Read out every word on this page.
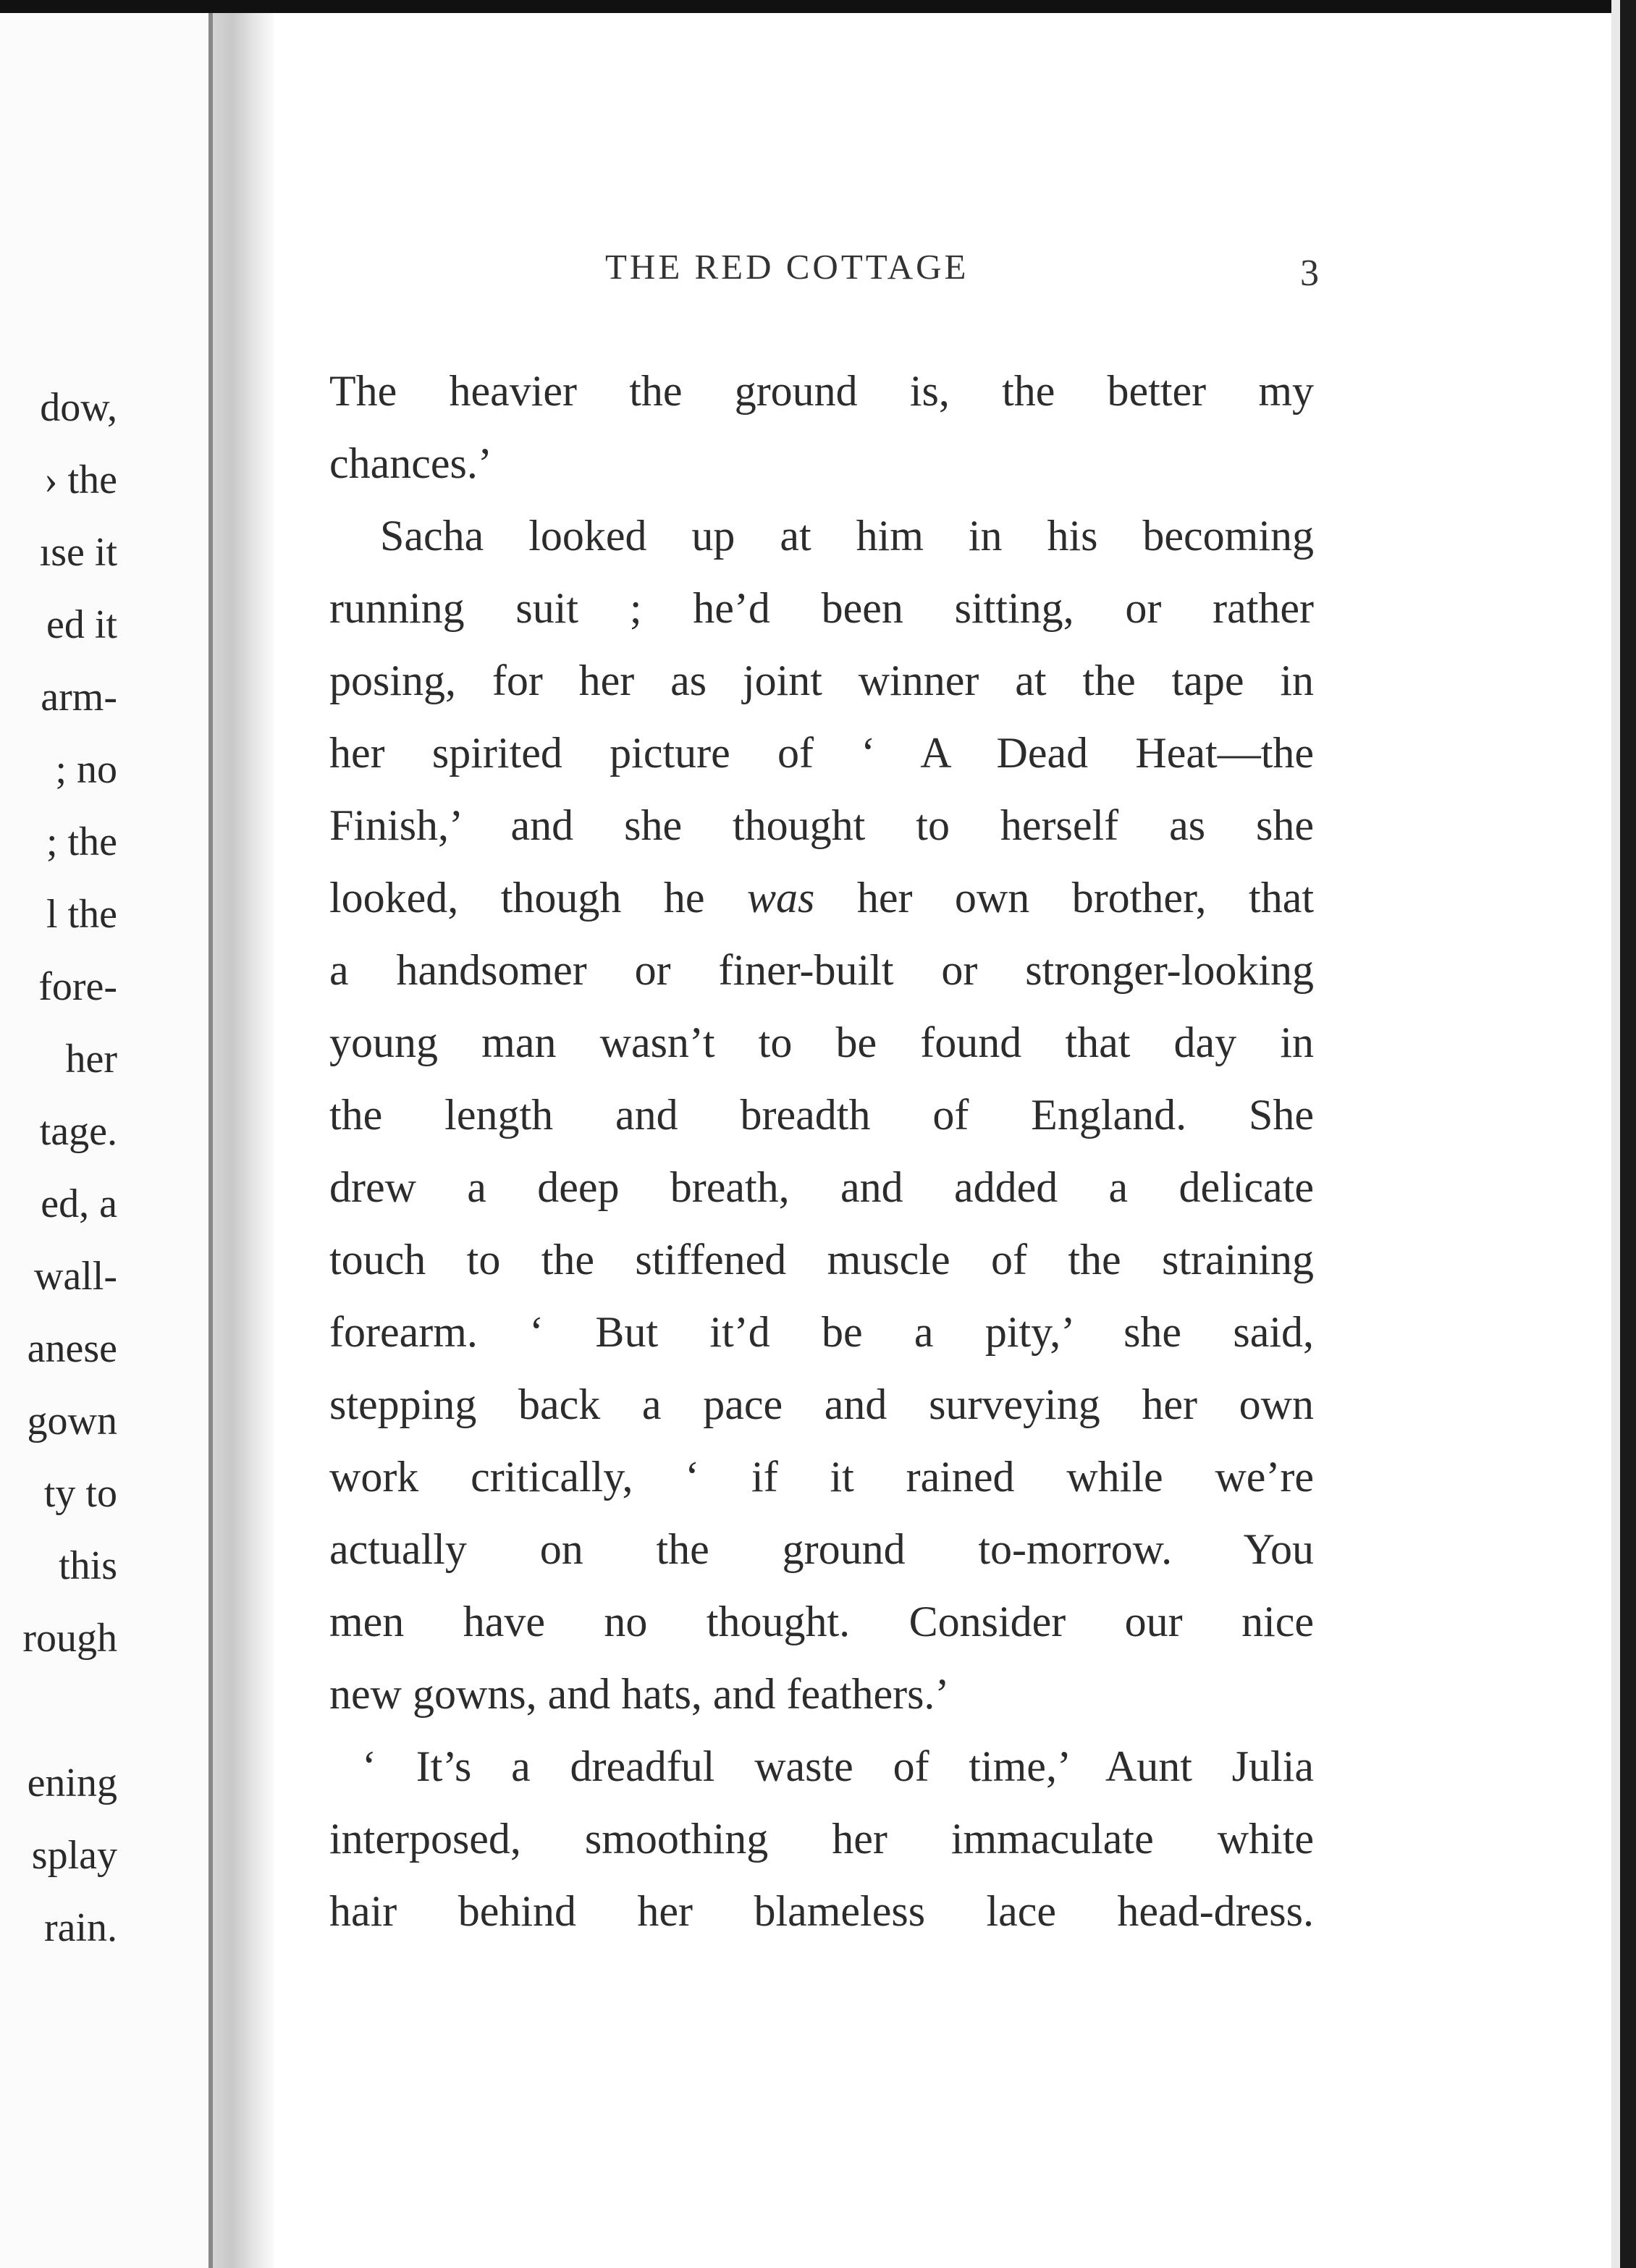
dow,
› the
ıse it
ed it
arm-
; no
; the
l the
fore-
her
tage.
ed, a
wall-
anese
gown
ty to
this
rough
ening
splay
rain.
THE RED COTTAGE	3
The heavier the ground is, the better my
chances.’
Sacha looked up at him in his becoming
running suit ; he’d been sitting, or rather
posing, for her as joint winner at the tape in
her spirited picture of ‘ A Dead Heat—the
Finish,’ and she thought to herself as she
looked, though he was her own brother, that
a handsomer or finer-built or stronger-looking
young man wasn’t to be found that day in
the length and breadth of England. She
drew a deep breath, and added a delicate
touch to the stiffened muscle of the straining
forearm. ‘ But it’d be a pity,’ she said,
stepping back a pace and surveying her own
work critically, ‘ if it rained while we’re
actually on the ground to-morrow. You
men have no thought. Consider our nice
new gowns, and hats, and feathers.’
‘ It’s a dreadful waste of time,’ Aunt Julia
interposed, smoothing her immaculate white
hair behind her blameless lace head-dress.
